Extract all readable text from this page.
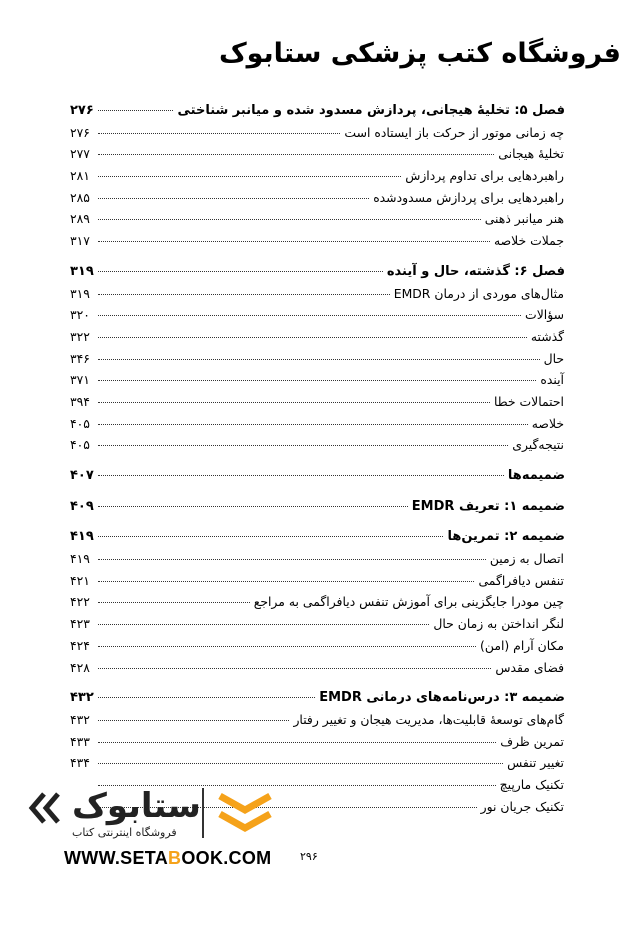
فروشگاه کتب پزشکی ستابوک
فصل ۵: تخلیهٔ هیجانی، پردازش مسدود شده و میانبر شناختی
۲۷۶
چه زمانی موتور از حرکت باز ایستاده است
۲۷۶
تخلیهٔ هیجانی
۲۷۷
راهبردهایی برای تداوم پردازش
۲۸۱
راهبردهایی برای پردازش مسدودشده
۲۸۵
هنر میانبر ذهنی
۲۸۹
جملات خلاصه
۳۱۷
فصل ۶: گذشته، حال و آینده
۳۱۹
مثال‌های موردی از درمان EMDR
۳۱۹
سؤالات
۳۲۰
گذشته
۳۲۲
حال
۳۴۶
آینده
۳۷۱
احتمالات خطا
۳۹۴
خلاصه
۴۰۵
نتیجه‌گیری
۴۰۵
ضمیمه‌ها
۴۰۷
ضمیمه ۱: تعریف EMDR
۴۰۹
ضمیمه ۲: تمرین‌ها
۴۱۹
اتصال به زمین
۴۱۹
تنفس دیافراگمی
۴۲۱
چین مودرا جایگزینی برای آموزش تنفس دیافراگمی به مراجع
۴۲۲
لنگر انداختن به زمان حال
۴۲۳
مکان آرام (امن)
۴۲۴
فضای مقدس
۴۲۸
ضمیمه ۳: درس‌نامه‌های درمانی EMDR
۴۳۲
گام‌های توسعهٔ قابلیت‌ها، مدیریت هیجان و تغییر رفتار
۴۳۲
تمرین ظرف
۴۳۳
تغییر تنفس
۴۳۴
تکنیک مارپیچ
تکنیک جریان نور
۲۹۶
ستابوک
فروشگاه اینترنتی کتاب
WWW.SETABOOK.COM
